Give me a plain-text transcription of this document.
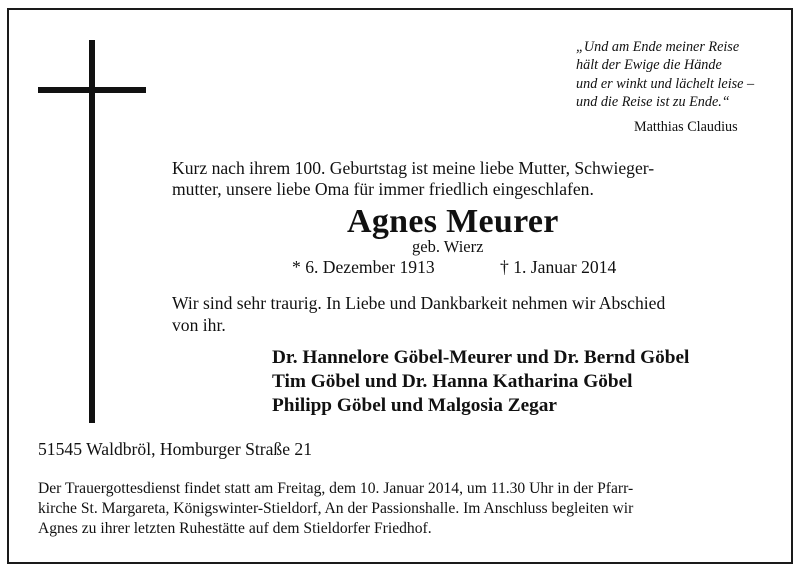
„Und am Ende meiner Reise
hält der Ewige die Hände
und er winkt und lächelt leise –
und die Reise ist zu Ende.“
Matthias Claudius
Kurz nach ihrem 100. Geburtstag ist meine liebe Mutter, Schwieger-
mutter, unsere liebe Oma für immer friedlich eingeschlafen.
Agnes Meurer
geb. Wierz
* 6. Dezember 1913	† 1. Januar 2014
Wir sind sehr traurig. In Liebe und Dankbarkeit nehmen wir Abschied
von ihr.
Dr. Hannelore Göbel-Meurer und Dr. Bernd Göbel
Tim Göbel und Dr. Hanna Katharina Göbel
Philipp Göbel und Malgosia Zegar
51545 Waldbröl, Homburger Straße 21
Der Trauergottesdienst findet statt am Freitag, dem 10. Januar 2014, um 11.30 Uhr in der Pfarr-
kirche St. Margareta, Königswinter-Stieldorf, An der Passionshalle. Im Anschluss begleiten wir
Agnes zu ihrer letzten Ruhestätte auf dem Stieldorfer Friedhof.
